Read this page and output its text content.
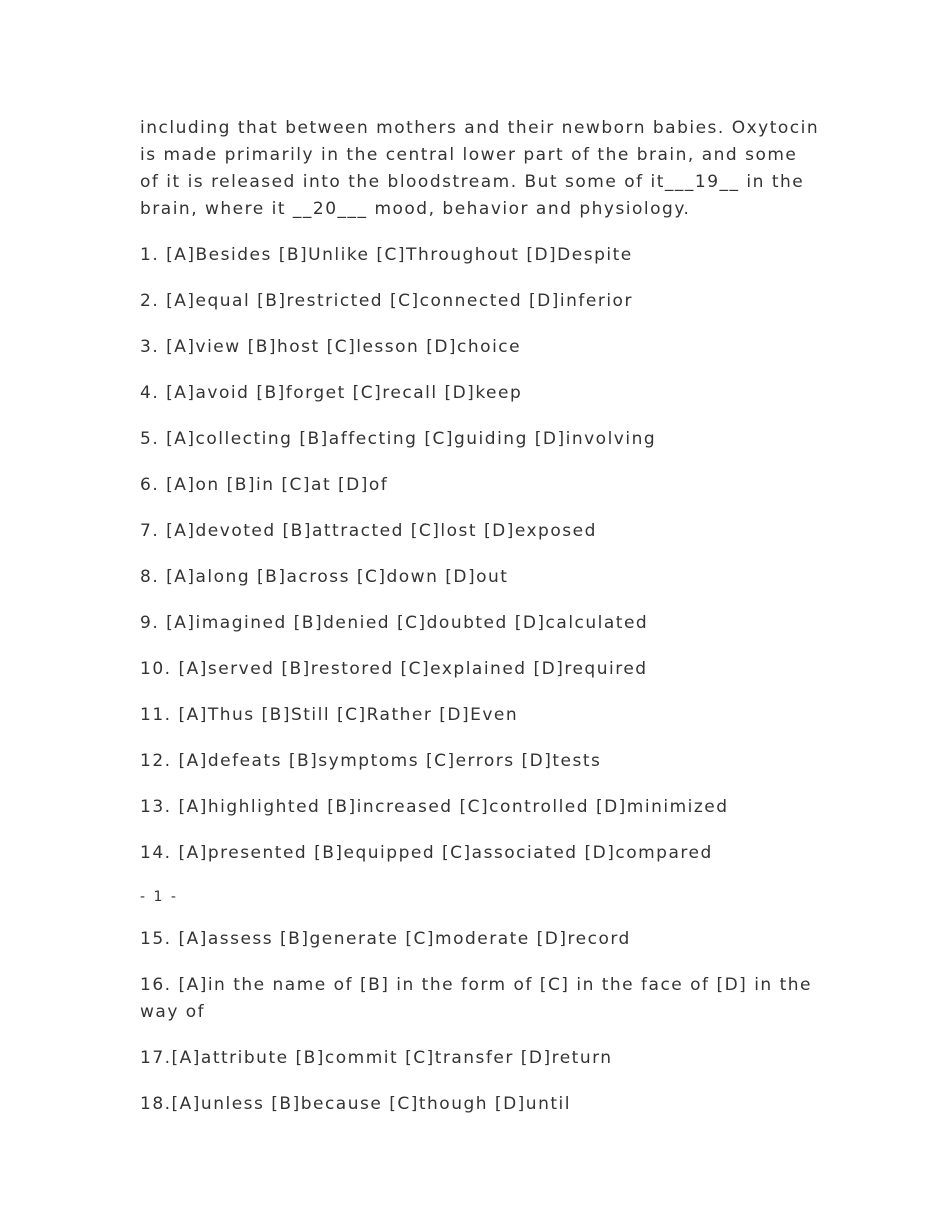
including that between mothers and their newborn babies. Oxytocin is made primarily in the central lower part of the brain, and some of it is released into the bloodstream. But some of it___19__ in the brain, where it __20___ mood, behavior and physiology.

1. [A]Besides [B]Unlike [C]Throughout [D]Despite

2. [A]equal [B]restricted [C]connected [D]inferior

3. [A]view [B]host [C]lesson [D]choice

4. [A]avoid [B]forget [C]recall [D]keep

5. [A]collecting [B]affecting [C]guiding [D]involving

6. [A]on [B]in [C]at [D]of

7. [A]devoted [B]attracted [C]lost [D]exposed

8. [A]along [B]across [C]down [D]out

9. [A]imagined [B]denied [C]doubted [D]calculated

10. [A]served [B]restored [C]explained [D]required

11. [A]Thus [B]Still [C]Rather [D]Even

12. [A]defeats [B]symptoms [C]errors [D]tests

13. [A]highlighted [B]increased [C]controlled [D]minimized

14. [A]presented [B]equipped [C]associated [D]compared

- 1 -

15. [A]assess [B]generate [C]moderate [D]record

16. [A]in the name of [B] in the form of [C] in the face of [D] in the way of

17.[A]attribute [B]commit [C]transfer [D]return

18.[A]unless [B]because [C]though [D]until
